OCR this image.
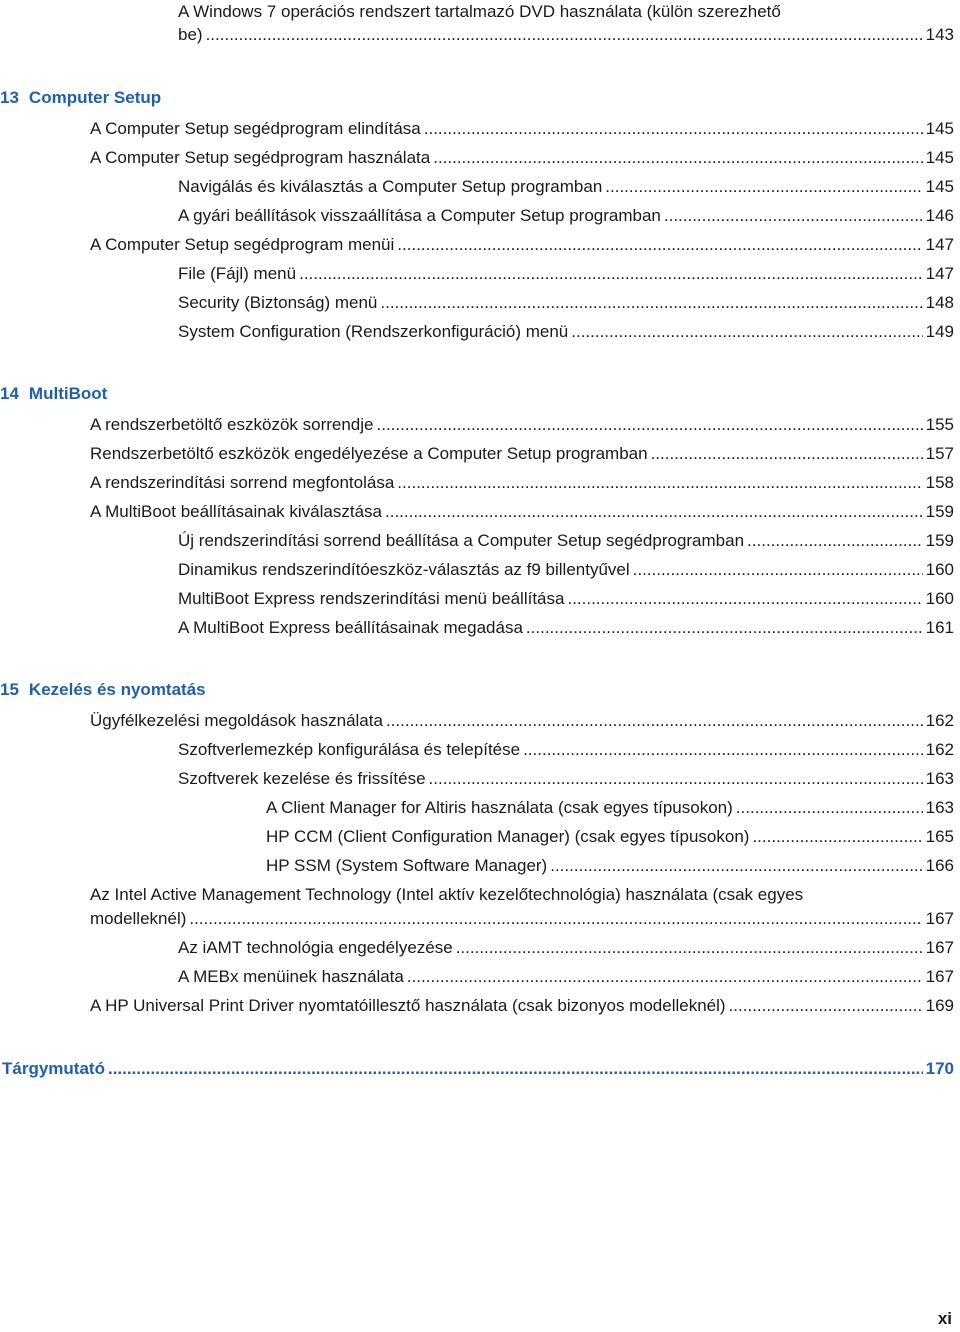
A Windows 7 operációs rendszert tartalmazó DVD használata (külön szerezhető
be) .....	143
13 Computer Setup
A Computer Setup segédprogram elindítása .....	145
A Computer Setup segédprogram használata .....	145
Navigálás és kiválasztás a Computer Setup programban .....	145
A gyári beállítások visszaállítása a Computer Setup programban .....	146
A Computer Setup segédprogram menüi .....	147
File (Fájl) menü .....	147
Security (Biztonság) menü .....	148
System Configuration (Rendszerkonfiguráció) menü .....	149
14 MultiBoot
A rendszerbetöltő eszközök sorrendje .....	155
Rendszerbetöltő eszközök engedélyezése a Computer Setup programban .....	157
A rendszerindítási sorrend megfontolása .....	158
A MultiBoot beállításainak kiválasztása .....	159
Új rendszerindítási sorrend beállítása a Computer Setup segédprogramban .....	159
Dinamikus rendszerindítóeszköz-választás az f9 billentyűvel .....	160
MultiBoot Express rendszerindítási menü beállítása .....	160
A MultiBoot Express beállításainak megadása .....	161
15 Kezelés és nyomtatás
Ügyfélkezelési megoldások használata .....	162
Szoftverlemezkép konfigurálása és telepítése .....	162
Szoftverek kezelése és frissítése .....	163
A Client Manager for Altiris használata (csak egyes típusokon) .....	163
HP CCM (Client Configuration Manager) (csak egyes típusokon) .....	165
HP SSM (System Software Manager) .....	166
Az Intel Active Management Technology (Intel aktív kezelőtechnológia) használata (csak egyes
modelleknél) .....	167
Az iAMT technológia engedélyezése .....	167
A MEBx menüinek használata .....	167
A HP Universal Print Driver nyomtatóillesztő használata (csak bizonyos modelleknél) .....	169
Tárgymutató .....	170
xi
